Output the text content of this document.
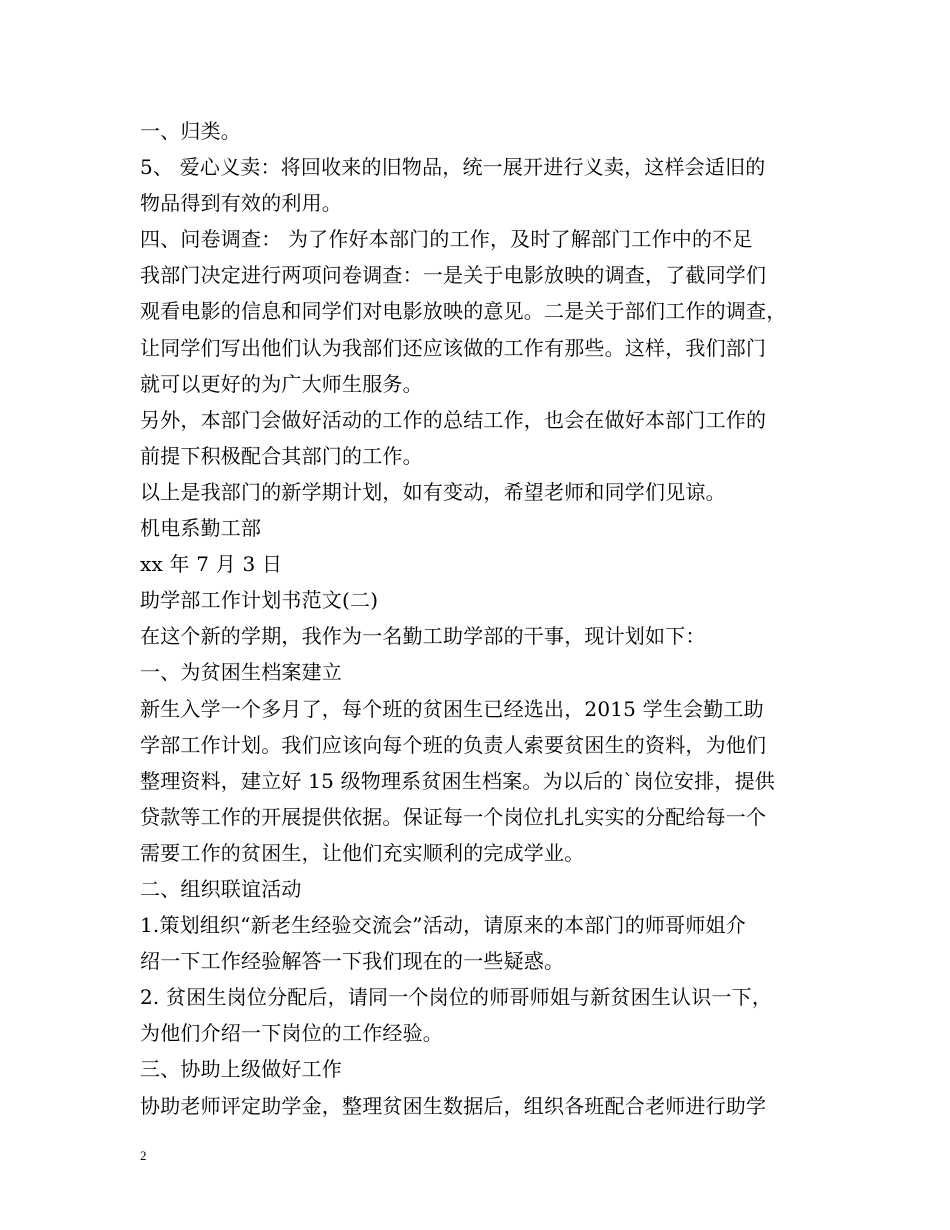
一、归类。
5、 爱心义卖：将回收来的旧物品，统一展开进行义卖，这样会适旧的
物品得到有效的利用。
四、问卷调查： 为了作好本部门的工作，及时了解部门工作中的不足
我部门决定进行两项问卷调查：一是关于电影放映的调查，了截同学们
观看电影的信息和同学们对电影放映的意见。二是关于部们工作的调查，
让同学们写出他们认为我部们还应该做的工作有那些。这样，我们部门
就可以更好的为广大师生服务。
另外，本部门会做好活动的工作的总结工作，也会在做好本部门工作的
前提下积极配合其部门的工作。
以上是我部门的新学期计划，如有变动，希望老师和同学们见谅。
机电系勤工部
xx 年 7 月 3 日
助学部工作计划书范文(二)
在这个新的学期，我作为一名勤工助学部的干事，现计划如下：
一、为贫困生档案建立
新生入学一个多月了，每个班的贫困生已经选出，2015 学生会勤工助
学部工作计划。我们应该向每个班的负责人索要贫困生的资料，为他们
整理资料，建立好 15 级物理系贫困生档案。为以后的`岗位安排，提供
贷款等工作的开展提供依据。保证每一个岗位扎扎实实的分配给每一个
需要工作的贫困生，让他们充实顺利的完成学业。
二、组织联谊活动
1.策划组织“新老生经验交流会”活动，请原来的本部门的师哥师姐介
绍一下工作经验解答一下我们现在的一些疑惑。
2. 贫困生岗位分配后，请同一个岗位的师哥师姐与新贫困生认识一下，
为他们介绍一下岗位的工作经验。
三、协助上级做好工作
协助老师评定助学金，整理贫困生数据后，组织各班配合老师进行助学
2
